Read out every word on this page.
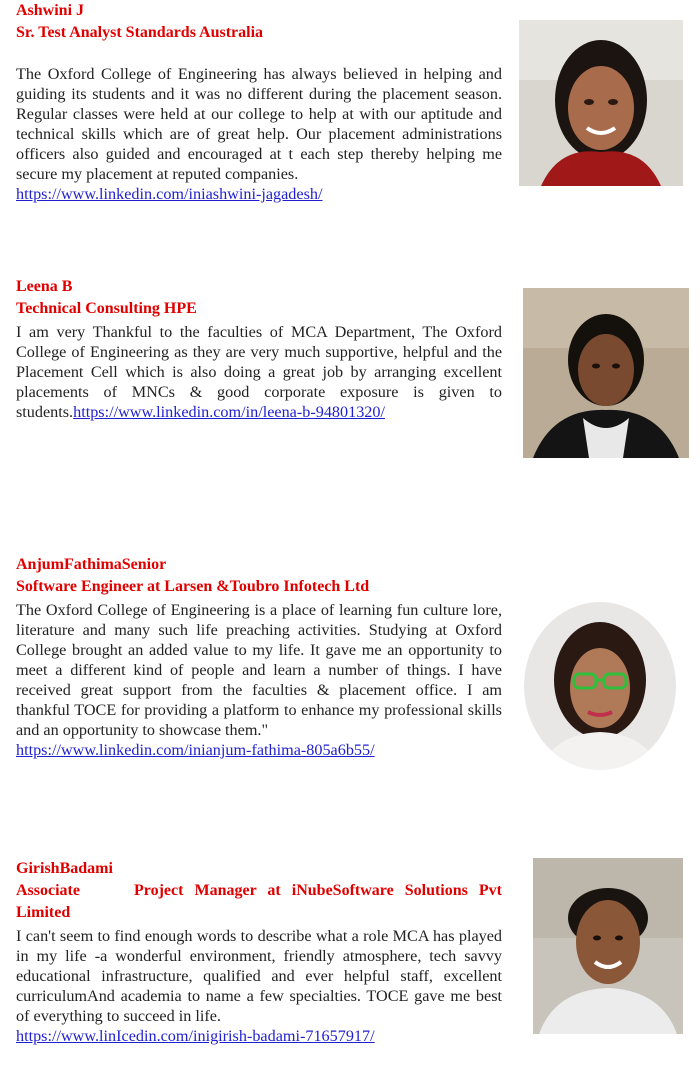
Ashwini J
Sr. Test Analyst Standards Australia
The Oxford College of Engineering has always believed in helping and guiding its students and it was no different during the placement season. Regular classes were held at our college to help at with our aptitude and technical skills which are of great help. Our placement administrations officers also guided and encouraged at t each step thereby helping me secure my placement at reputed companies.
https://www.linkedin.com/iniashwini-jagadesh/
Leena B
Technical Consulting HPE
I am very Thankful to the faculties of MCA Department, The Oxford College of Engineering as they are very much supportive, helpful and the Placement Cell which is also doing a great job by arranging excellent placements of MNCs & good corporate exposure is given to students.https://www.linkedin.com/in/leena-b-94801320/
AnjumFathimaSenior
Software Engineer at Larsen &Toubro Infotech Ltd
The Oxford College of Engineering is a place of learning fun culture lore, literature and many such life preaching activities. Studying at Oxford College brought an added value to my life. It gave me an opportunity to meet a different kind of people and learn a number of things. I have received great support from the faculties & placement office. I am thankful TOCE for providing a platform to enhance my professional skills and an opportunity to showcase them."
https://www.linkedin.com/inianjum-fathima-805a6b55/
GirishBadami
Associate	Project Manager at iNubeSoftware Solutions Pvt Limited
I can't seem to find enough words to describe what a role MCA has played in my life -a wonderful environment, friendly atmosphere, tech savvy educational infrastructure, qualified and ever helpful staff, excellent curriculumAnd academia to name a few specialties. TOCE gave me best of everything to succeed in life.
https://www.linIcedin.com/inigirish-badami-71657917/
